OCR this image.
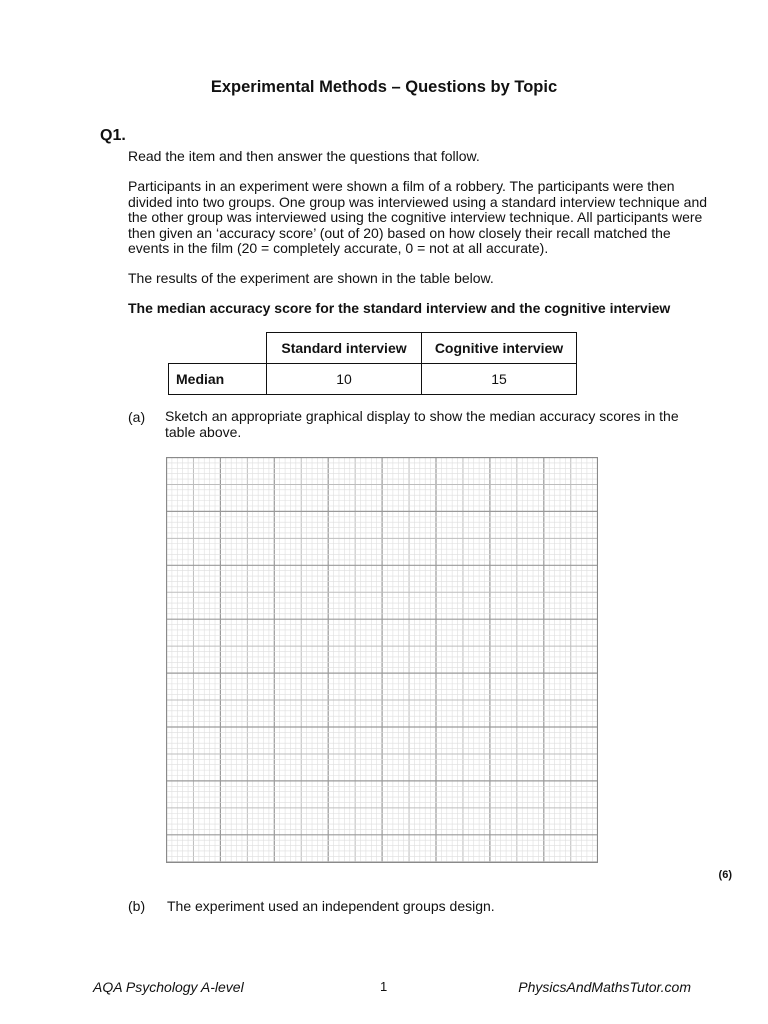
Experimental Methods – Questions by Topic
Q1.
Read the item and then answer the questions that follow.
Participants in an experiment were shown a film of a robbery. The participants were then divided into two groups. One group was interviewed using a standard interview technique and the other group was interviewed using the cognitive interview technique. All participants were then given an ‘accuracy score’ (out of 20) based on how closely their recall matched the events in the film (20 = completely accurate, 0 = not at all accurate).
The results of the experiment are shown in the table below.
The median accuracy score for the standard interview and the cognitive interview
	Standard interview	Cognitive interview
Median	10	15
(a) Sketch an appropriate graphical display to show the median accuracy scores in the table above.
(6)
(b) The experiment used an independent groups design.
AQA Psychology A-level	1	PhysicsAndMathsTutor.com
